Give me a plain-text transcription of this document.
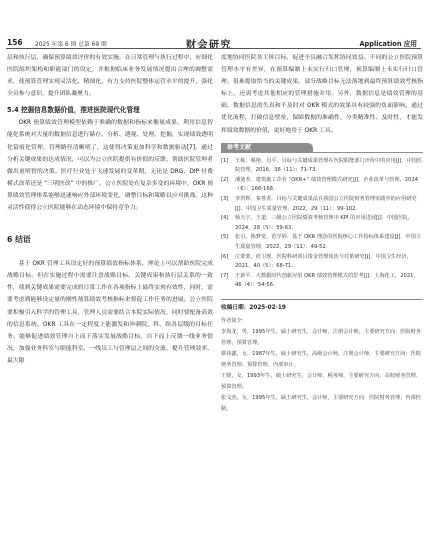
156 2025 年第 6 期 总第 69 期	财会研究	Application 应用

层和执行层，确保预算绩效评价的有效实施。在日常管理与执行过程中，应细化医院组织架构和职能部门的设定，并根据临床业务发展情况提出合理的调整需求，使预算管理实现灵活化、精细化，有力支持医院整体运营水平的提升，强化全员参与意识，提升团队凝聚力。

5.4 挖掘信息数据价值，推进医院现代化管理

OKR 预算绩效管理模型依赖于准确的数据和指标来衡量成果，利用信息智能化系统对大量的数据信息进行储存、分析、透视、处理、挖掘，实现绩效透明化留痕化管理，管理路径清晰明了，这使得决策更加科学和数据驱动[7]。通过分析关键成果的达成情况，可以为公立医院提供有价值的反馈，帮助医院管理者做出更明智的决策。医疗行业处于飞速发展的变革期，无论是 DRG、DIP 付费模式改革还是 “三明医改” 中的推广，公立医院处在复杂多变的环境中，OKR 预算绩效管理体系能够迅速响应外部环境变化，调整目标和策略以应对挑战。这种灵活性使得公立医院能够在动态环境中保持竞争力。

6 结语

基于 OKR 管理工具设定好的预算绩效指标体系，理论上可以帮助医院完成战略目标。但在实施过程中需要注意战略目标、关键成果和执行层关系的一致性，使到关键成果需要完成的日常工作在各项指标上最终实现有效性，同时，需要考虑到能够设定量的刚性预算绩效考核指标来督促工作任务的进展。公立医院要积极引入科学的管理工具，管理人员需要结合本院实际情况，同时要配备高效的信息系统。OKR 工具在一定程度上能激发和冲刺院、科、组各层级的目标任务，能够促进绩效管理自上而下落实发展战略目标，自下而上反馈一线业务情况，加强业务科室与职能科室、一线员工与管理层之间的交流，提升管理效率，最大限

度地协同医院各主体目标，促进全员融合发挥协同效益。不同的公立医院预算管理水平有差异，在预算编制上未实行归口管理，预算编制上未实行归口管理，很难提取恰当的关键成果。部分战略目标无法落地到最终预算绩效考核指标上，还需考虑其他相应的管理措施并用。另外，数据信息是绩效管理的基础，数据信息的失真和不及时对 OKR 模式的效果具有较强的负面影响。通过优化流程，打破信息壁垒，保障数据的准确性、分类精准性、及时性，才能发挥绩效数据的价值，更好地用于 OKR 工具。

参考文献
[1]	王栋，蔡艳，肖平．目标与关键成果管理在医院职能部门评价中的应用[J]．中国医院管理，2016，36（11）：71-73.
[2]	潘迪杰．建筑施工企业 “OKR+” 绩效管理模式研究[J]．企业改革与管理，2024（6）：166-168.
[3]	李洪辉，秦善香．目标与关键成果法在我国公立医院财务管理实践中的应用研究[J]．中国卫生质量管理，2022，29（11）：99-102.
[4]	杨天宇，王道．三级公立医院绩效考核管理中 KPI 的应用进展[J]．中国医院，2024，28（5）：59-63.
[5]	张引，陈梦觉，范学婷．基于 OKR 理念的医院核心工作指标体系建设[J]．中国卫生质量管理，2022，29（11）：49-52.
[6]	庄蒙蒙，荷卫理．医院科研项目资金管理现状与对策研究[J]．中国卫生经济，2021，40（5）：68-71.
[7]	王新平．大数据时代创新应用 OKR 绩效管理模式的思考[J]．上海化工，2021，46（4）：54-56.
收稿日期：2025-02-19

作者简介：

李海龙，男，1995年生，硕士研究生，会计师，注册会计师，主要研究方向：医院财务管理、预算管理。

蔡伟鑫，女，1987年生，硕士研究生，高级会计师，注册会计师，主要研究方向：医院财务管理、预算管理、内部审计。

王媛，女，1993年生，硕士研究生，会计师，税务师，主要研究方向：高校财务管理、预算管理。

张文杰，女，1995年生，硕士研究生，会计师，主要研究方向：医院财务管理、内部控制。
